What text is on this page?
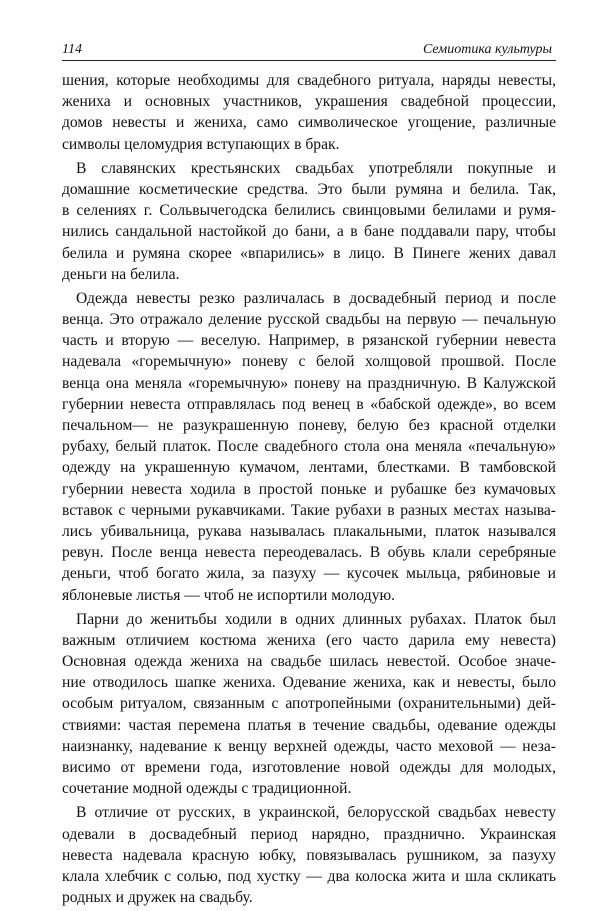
114	Семиотика культуры
шения, которые необходимы для свадебного ритуала, наряды невесты,
жениха и основных участников, украшения свадебной процессии,
домов невесты и жениха, само символическое угощение, различные
символы целомудрия вступающих в брак.
В славянских крестьянских свадьбах употребляли покупные и
домашние косметические средства. Это были румяна и белила. Так,
в селениях г. Сольвычегодска белились свинцовыми белилами и румя-
нились сандальной настойкой до бани, а в бане поддавали пару, чтобы
белила и румяна скорее «впарились» в лицо. В Пинеге жених давал
деньги на белила.
Одежда невесты резко различалась в досвадебный период и после
венца. Это отражало деление русской свадьбы на первую — печальную
часть и вторую — веселую. Например, в рязанской губернии невеста
надевала «горемычную» поневу с белой холщовой прошвой. После
венца она меняла «горемычную» поневу на праздничную. В Калужской
губернии невеста отправлялась под венец в «бабской одежде», во всем
печальном— не разукрашенную поневу, белую без красной отделки
рубаху, белый платок. После свадебного стола она меняла «печальную»
одежду на украшенную кумачом, лентами, блестками. В тамбовской
губернии невеста ходила в простой поньке и рубашке без кумачовых
вставок с черными рукавчиками. Такие рубахи в разных местах называ-
лись убивальница, рукава называлась плакальными, платок назывался
ревун. После венца невеста переодевалась. В обувь клали серебряные
деньги, чтоб богато жила, за пазуху — кусочек мыльца, рябиновые и
яблоневые листья — чтоб не испортили молодую.
Парни до женитьбы ходили в одних длинных рубахах. Платок был
важным отличием костюма жениха (его часто дарила ему невеста)
Основная одежда жениха на свадьбе шилась невестой. Особое значе-
ние отводилось шапке жениха. Одевание жениха, как и невесты, было
особым ритуалом, связанным с апотропейными (охранительными) дей-
ствиями: частая перемена платья в течение свадьбы, одевание одежды
наизнанку, надевание к венцу верхней одежды, часто меховой — неза-
висимо от времени года, изготовление новой одежды для молодых,
сочетание модной одежды с традиционной.
В отличие от русских, в украинской, белорусской свадьбах невесту
одевали в досвадебный период нарядно, празднично. Украинская
невеста надевала красную юбку, повязывалась рушником, за пазуху
клала хлебчик с солью, под хустку — два колоска жита и шла скликать
родных и дружек на свадьбу.
